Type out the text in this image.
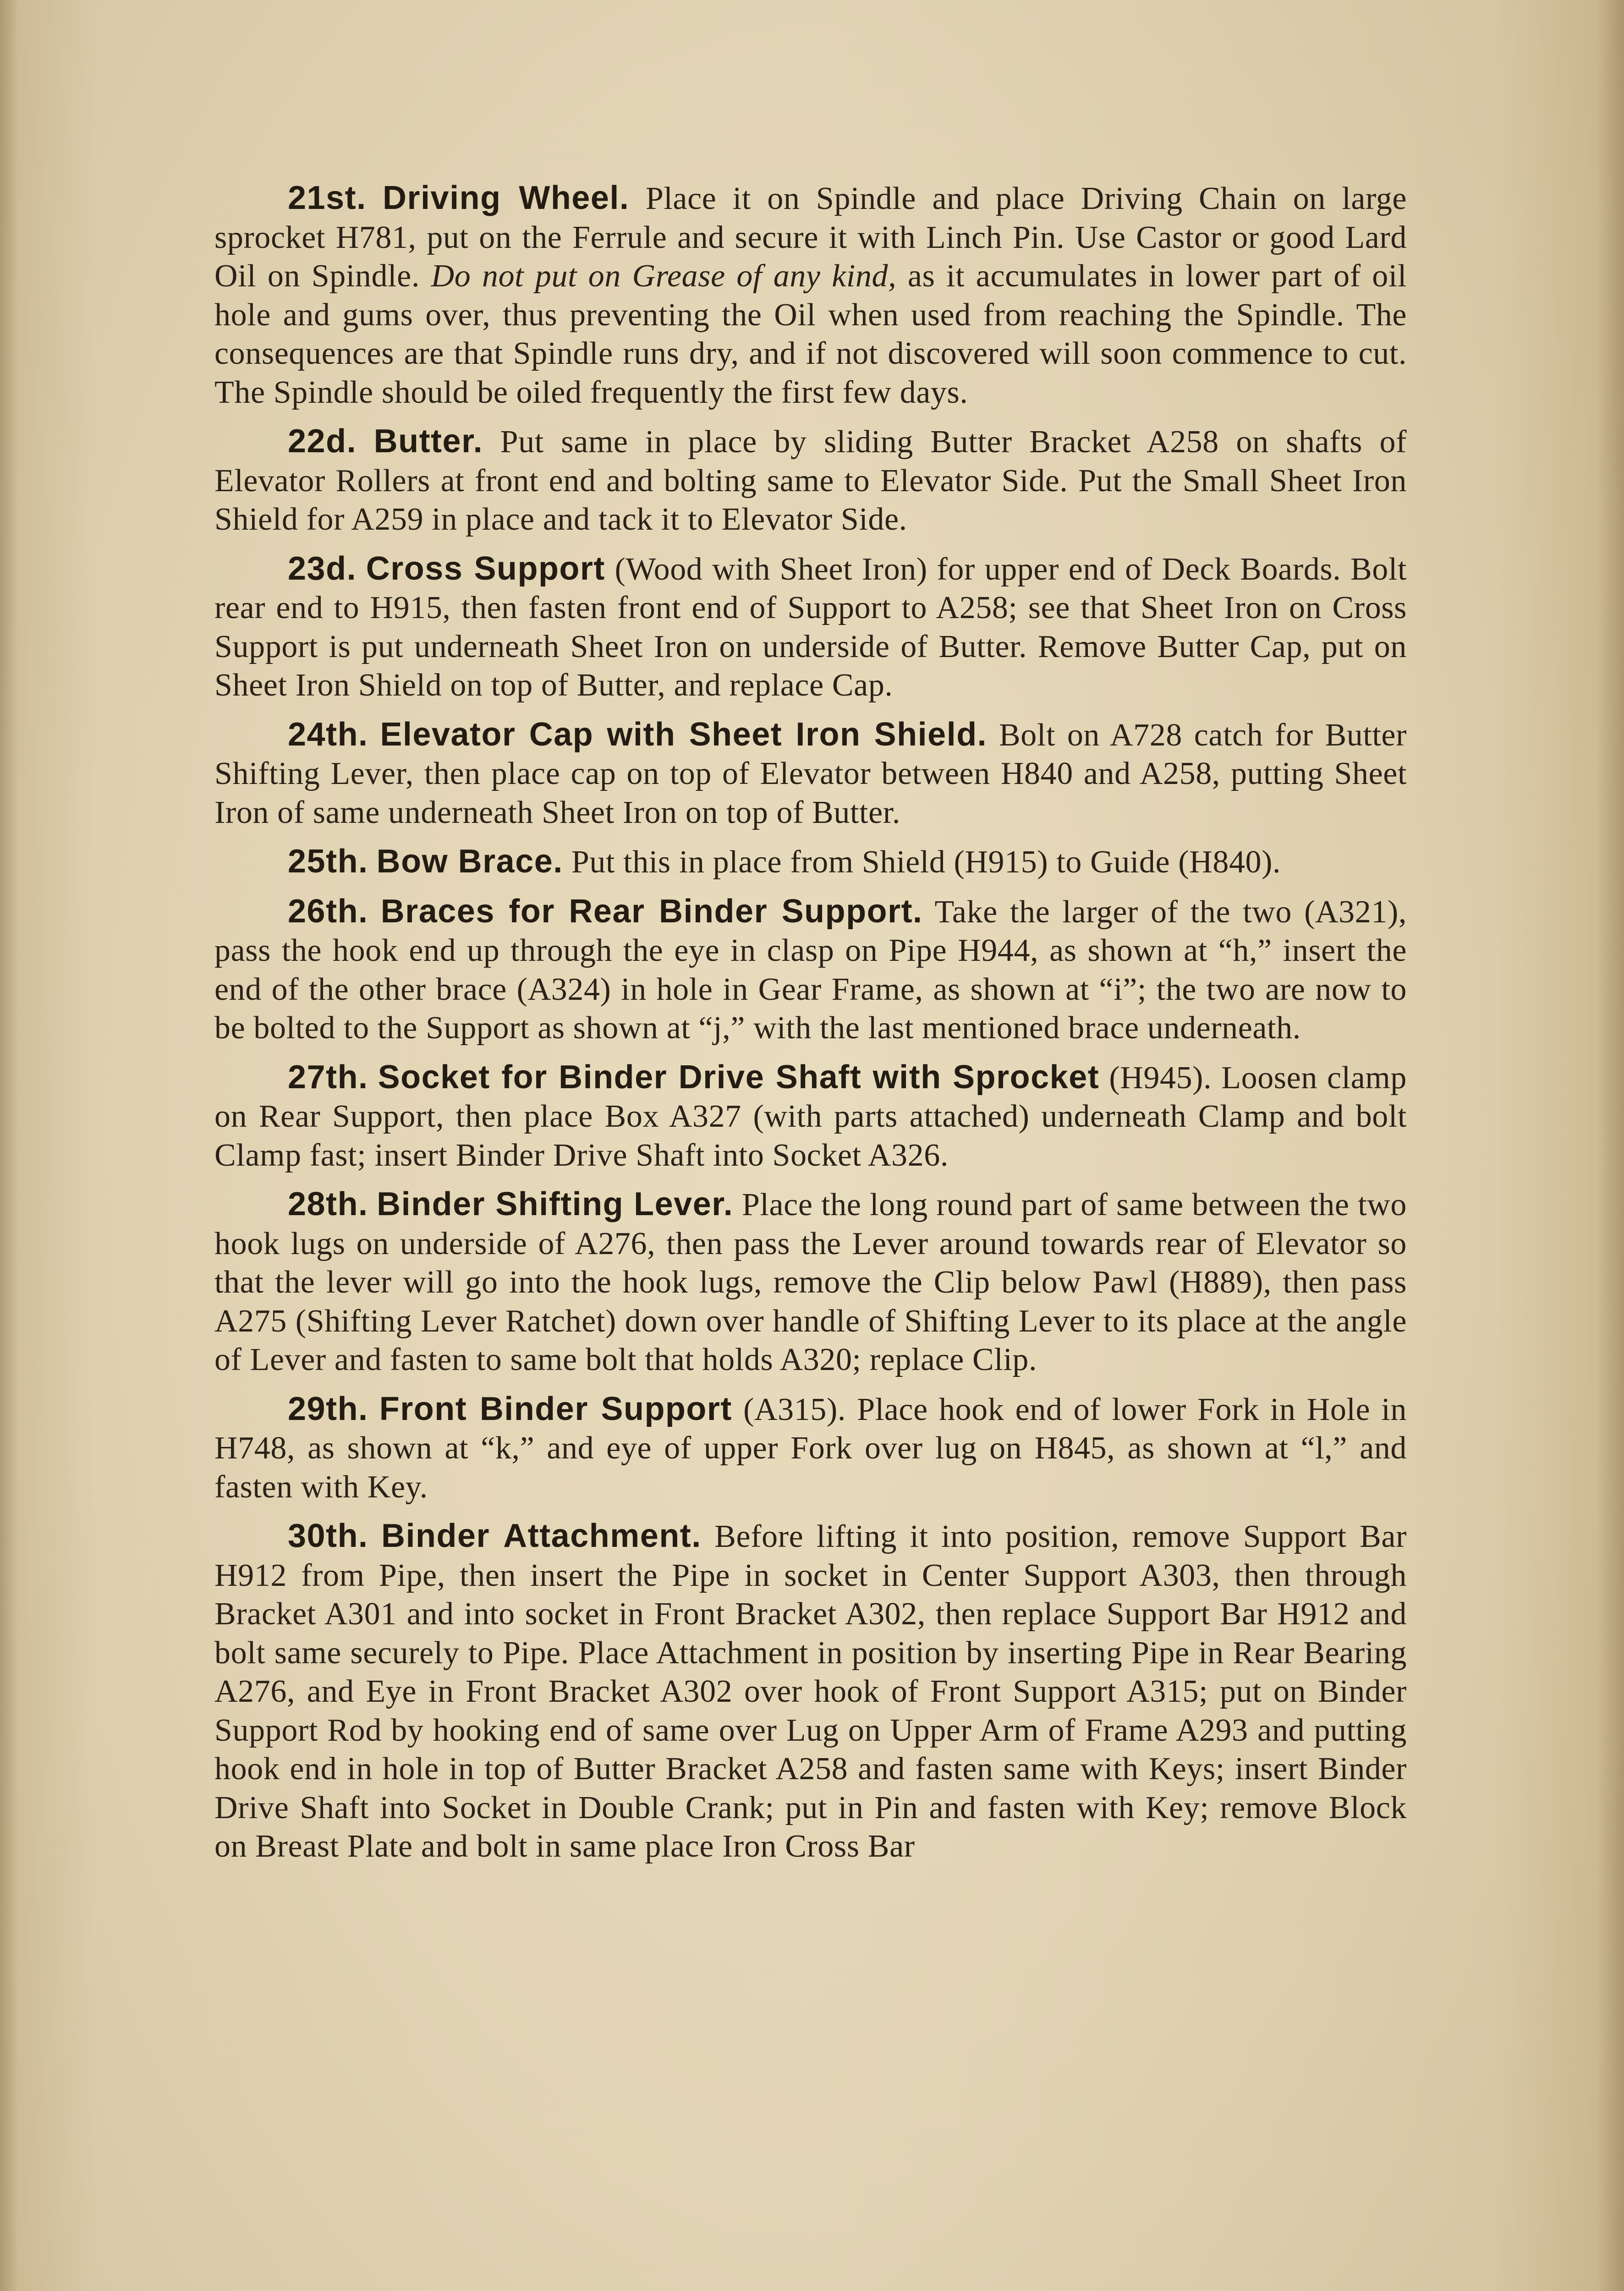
21st. Driving Wheel. Place it on Spindle and place Driving Chain on large sprocket H781, put on the Ferrule and secure it with Linch Pin. Use Castor or good Lard Oil on Spindle. Do not put on Grease of any kind, as it accumulates in lower part of oil hole and gums over, thus preventing the Oil when used from reaching the Spindle. The consequences are that Spindle runs dry, and if not discovered will soon commence to cut. The Spindle should be oiled frequently the first few days.

22d. Butter. Put same in place by sliding Butter Bracket A258 on shafts of Elevator Rollers at front end and bolting same to Elevator Side. Put the Small Sheet Iron Shield for A259 in place and tack it to Elevator Side.

23d. Cross Support (Wood with Sheet Iron) for upper end of Deck Boards. Bolt rear end to H915, then fasten front end of Support to A258; see that Sheet Iron on Cross Support is put underneath Sheet Iron on underside of Butter. Remove Butter Cap, put on Sheet Iron Shield on top of Butter, and replace Cap.

24th. Elevator Cap with Sheet Iron Shield. Bolt on A728 catch for Butter Shifting Lever, then place cap on top of Elevator between H840 and A258, putting Sheet Iron of same underneath Sheet Iron on top of Butter.

25th. Bow Brace. Put this in place from Shield (H915) to Guide (H840).

26th. Braces for Rear Binder Support. Take the larger of the two (A321), pass the hook end up through the eye in clasp on Pipe H944, as shown at “h,” insert the end of the other brace (A324) in hole in Gear Frame, as shown at “i”; the two are now to be bolted to the Support as shown at “j,” with the last mentioned brace underneath.

27th. Socket for Binder Drive Shaft with Sprocket (H945). Loosen clamp on Rear Support, then place Box A327 (with parts attached) underneath Clamp and bolt Clamp fast; insert Binder Drive Shaft into Socket A326.

28th. Binder Shifting Lever. Place the long round part of same between the two hook lugs on underside of A276, then pass the Lever around towards rear of Elevator so that the lever will go into the hook lugs, remove the Clip below Pawl (H889), then pass A275 (Shifting Lever Ratchet) down over handle of Shifting Lever to its place at the angle of Lever and fasten to same bolt that holds A320; replace Clip.

29th. Front Binder Support (A315). Place hook end of lower Fork in Hole in H748, as shown at “k,” and eye of upper Fork over lug on H845, as shown at “l,” and fasten with Key.

30th. Binder Attachment. Before lifting it into position, remove Support Bar H912 from Pipe, then insert the Pipe in socket in Center Support A303, then through Bracket A301 and into socket in Front Bracket A302, then replace Support Bar H912 and bolt same securely to Pipe. Place Attachment in position by inserting Pipe in Rear Bearing A276, and Eye in Front Bracket A302 over hook of Front Support A315; put on Binder Support Rod by hooking end of same over Lug on Upper Arm of Frame A293 and putting hook end in hole in top of Butter Bracket A258 and fasten same with Keys; insert Binder Drive Shaft into Socket in Double Crank; put in Pin and fasten with Key; remove Block on Breast Plate and bolt in same place Iron Cross Bar
